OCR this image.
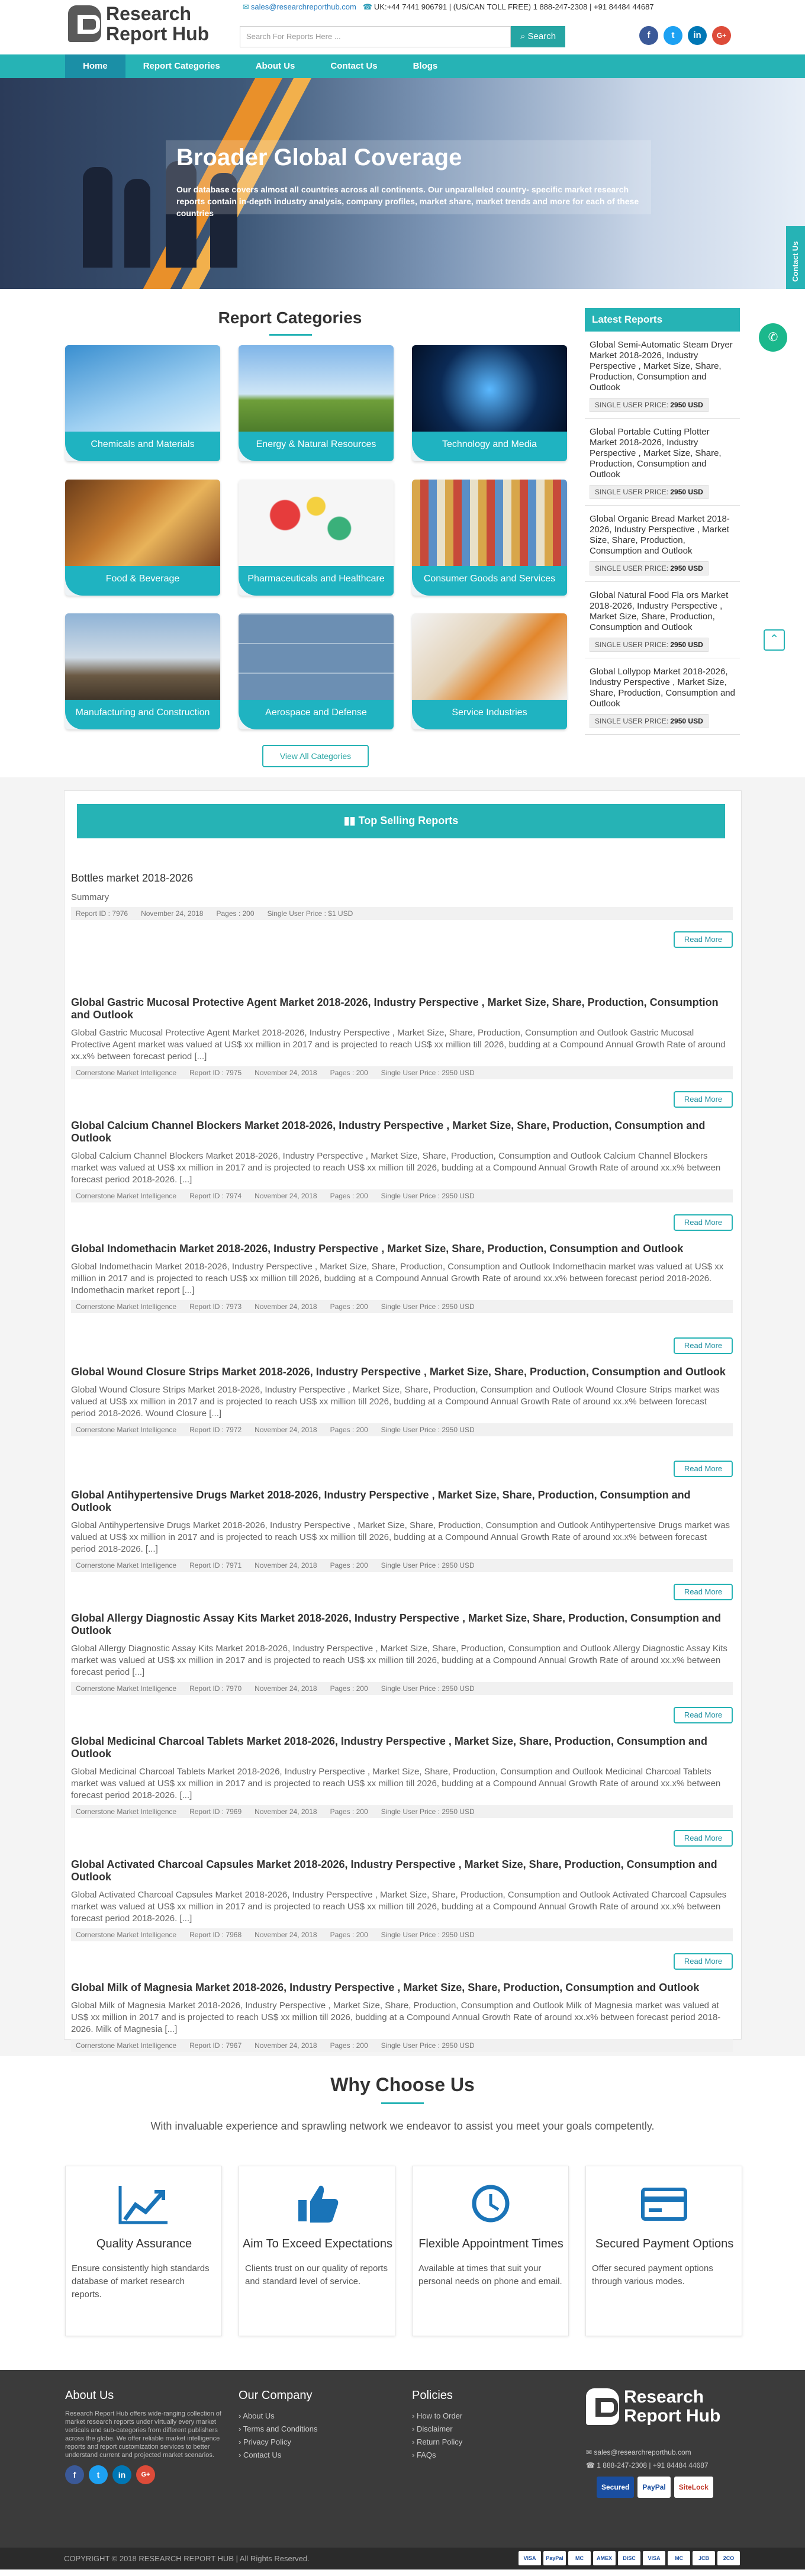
Research
Report Hub
✉ sales@researchreporthub.com ☎ UK:+44 7441 906791 | (US/CAN TOLL FREE) 1 888-247-2308 | +91 84484 44687
Search For Reports Here ...	⌕ Search	f	t	in	G+
Home	Report Categories	About Us	Contact Us	Blogs
Broader Global Coverage

Our database covers almost all countries across all continents. Our unparalleled country- specific market research reports contain in-depth industry analysis, company profiles, market share, market trends and more for each of these countries

Contact Us
Report Categories
Chemicals and Materials	Energy & Natural Resources	Technology and Media
Food & Beverage	Pharmaceuticals and Healthcare	Consumer Goods and Services
Manufacturing and Construction	Aerospace and Defense	Service Industries
View All Categories
Latest Reports
Global Semi-Automatic Steam Dryer Market 2018-2026, Industry Perspective , Market Size, Share, Production, Consumption and Outlook
SINGLE USER PRICE: 2950 USD
Global Portable Cutting Plotter Market 2018-2026, Industry Perspective , Market Size, Share, Production, Consumption and Outlook
SINGLE USER PRICE: 2950 USD
Global Organic Bread Market 2018-2026, Industry Perspective , Market Size, Share, Production, Consumption and Outlook
SINGLE USER PRICE: 2950 USD
Global Natural Food Fla ors Market 2018-2026, Industry Perspective , Market Size, Share, Production, Consumption and Outlook
SINGLE USER PRICE: 2950 USD
Global Lollypop Market 2018-2026, Industry Perspective , Market Size, Share, Production, Consumption and Outlook
SINGLE USER PRICE: 2950 USD
✆
⌃
▮▮ Top Selling Reports
Bottles market 2018-2026
Summary
Report ID : 7976 November 24, 2018 Pages : 200 Single User Price : $1 USD
Read More
Global Gastric Mucosal Protective Agent Market 2018-2026, Industry Perspective , Market Size, Share, Production, Consumption and Outlook
Global Gastric Mucosal Protective Agent Market 2018-2026, Industry Perspective , Market Size, Share, Production, Consumption and Outlook Gastric Mucosal Protective Agent market was valued at US$ xx million in 2017 and is projected to reach US$ xx million till 2026, budding at a Compound Annual Growth Rate of around xx.x% between forecast period [...]
Cornerstone Market Intelligence Report ID : 7975 November 24, 2018 Pages : 200 Single User Price : 2950 USD
Read More
Global Calcium Channel Blockers Market 2018-2026, Industry Perspective , Market Size, Share, Production, Consumption and Outlook
Global Calcium Channel Blockers Market 2018-2026, Industry Perspective , Market Size, Share, Production, Consumption and Outlook Calcium Channel Blockers market was valued at US$ xx million in 2017 and is projected to reach US$ xx million till 2026, budding at a Compound Annual Growth Rate of around xx.x% between forecast period 2018-2026. [...]
Cornerstone Market Intelligence Report ID : 7974 November 24, 2018 Pages : 200 Single User Price : 2950 USD
Read More
Global Indomethacin Market 2018-2026, Industry Perspective , Market Size, Share, Production, Consumption and Outlook
Global Indomethacin Market 2018-2026, Industry Perspective , Market Size, Share, Production, Consumption and Outlook Indomethacin market was valued at US$ xx million in 2017 and is projected to reach US$ xx million till 2026, budding at a Compound Annual Growth Rate of around xx.x% between forecast period 2018-2026. Indomethacin market report [...]
Cornerstone Market Intelligence Report ID : 7973 November 24, 2018 Pages : 200 Single User Price : 2950 USD
Read More
Global Wound Closure Strips Market 2018-2026, Industry Perspective , Market Size, Share, Production, Consumption and Outlook
Global Wound Closure Strips Market 2018-2026, Industry Perspective , Market Size, Share, Production, Consumption and Outlook Wound Closure Strips market was valued at US$ xx million in 2017 and is projected to reach US$ xx million till 2026, budding at a Compound Annual Growth Rate of around xx.x% between forecast period 2018-2026. Wound Closure [...]
Cornerstone Market Intelligence Report ID : 7972 November 24, 2018 Pages : 200 Single User Price : 2950 USD
Read More
Global Antihypertensive Drugs Market 2018-2026, Industry Perspective , Market Size, Share, Production, Consumption and Outlook
Global Antihypertensive Drugs Market 2018-2026, Industry Perspective , Market Size, Share, Production, Consumption and Outlook Antihypertensive Drugs market was valued at US$ xx million in 2017 and is projected to reach US$ xx million till 2026, budding at a Compound Annual Growth Rate of around xx.x% between forecast period 2018-2026. [...]
Cornerstone Market Intelligence Report ID : 7971 November 24, 2018 Pages : 200 Single User Price : 2950 USD
Read More
Global Allergy Diagnostic Assay Kits Market 2018-2026, Industry Perspective , Market Size, Share, Production, Consumption and Outlook
Global Allergy Diagnostic Assay Kits Market 2018-2026, Industry Perspective , Market Size, Share, Production, Consumption and Outlook Allergy Diagnostic Assay Kits market was valued at US$ xx million in 2017 and is projected to reach US$ xx million till 2026, budding at a Compound Annual Growth Rate of around xx.x% between forecast period [...]
Cornerstone Market Intelligence Report ID : 7970 November 24, 2018 Pages : 200 Single User Price : 2950 USD
Read More
Global Medicinal Charcoal Tablets Market 2018-2026, Industry Perspective , Market Size, Share, Production, Consumption and Outlook
Global Medicinal Charcoal Tablets Market 2018-2026, Industry Perspective , Market Size, Share, Production, Consumption and Outlook Medicinal Charcoal Tablets market was valued at US$ xx million in 2017 and is projected to reach US$ xx million till 2026, budding at a Compound Annual Growth Rate of around xx.x% between forecast period 2018-2026. [...]
Cornerstone Market Intelligence Report ID : 7969 November 24, 2018 Pages : 200 Single User Price : 2950 USD
Read More
Global Activated Charcoal Capsules Market 2018-2026, Industry Perspective , Market Size, Share, Production, Consumption and Outlook
Global Activated Charcoal Capsules Market 2018-2026, Industry Perspective , Market Size, Share, Production, Consumption and Outlook Activated Charcoal Capsules market was valued at US$ xx million in 2017 and is projected to reach US$ xx million till 2026, budding at a Compound Annual Growth Rate of around xx.x% between forecast period 2018-2026. [...]
Cornerstone Market Intelligence Report ID : 7968 November 24, 2018 Pages : 200 Single User Price : 2950 USD
Read More
Global Milk of Magnesia Market 2018-2026, Industry Perspective , Market Size, Share, Production, Consumption and Outlook
Global Milk of Magnesia Market 2018-2026, Industry Perspective , Market Size, Share, Production, Consumption and Outlook Milk of Magnesia market was valued at US$ xx million in 2017 and is projected to reach US$ xx million till 2026, budding at a Compound Annual Growth Rate of around xx.x% between forecast period 2018-2026. Milk of Magnesia [...]
Cornerstone Market Intelligence Report ID : 7967 November 24, 2018 Pages : 200 Single User Price : 2950 USD
Why Choose Us
With invaluable experience and sprawling network we endeavor to assist you meet your goals competently.
Quality Assurance
Ensure consistently high standards database of market research reports.
Aim To Exceed Expectations
Clients trust on our quality of reports and standard level of service.
Flexible Appointment Times
Available at times that suit your personal needs on phone and email.
Secured Payment Options
Offer secured payment options through various modes.
About Us

Research Report Hub offers wide-ranging collection of market research reports under virtually every market verticals and sub-categories from different publishers across the globe. We offer reliable market intelligence reports and report customization services to better understand current and projected market scenarios.

f	t	in	G+
Our Company
› About Us
› Terms and Conditions
› Privacy Policy
› Contact Us
Policies
› How to Order
› Disclaimer
› Return Policy
› FAQs
Research
Report Hub
✉ sales@researchreporthub.com
☎ 1 888-247-2308 | +91 84484 44687
Secured	PayPal	SiteLock
COPYRIGHT © 2018 RESEARCH REPORT HUB | All Rights Reserved.	VISA	PayPal	MC	AMEX	DISC	VISA	MC	JCB	2CO
